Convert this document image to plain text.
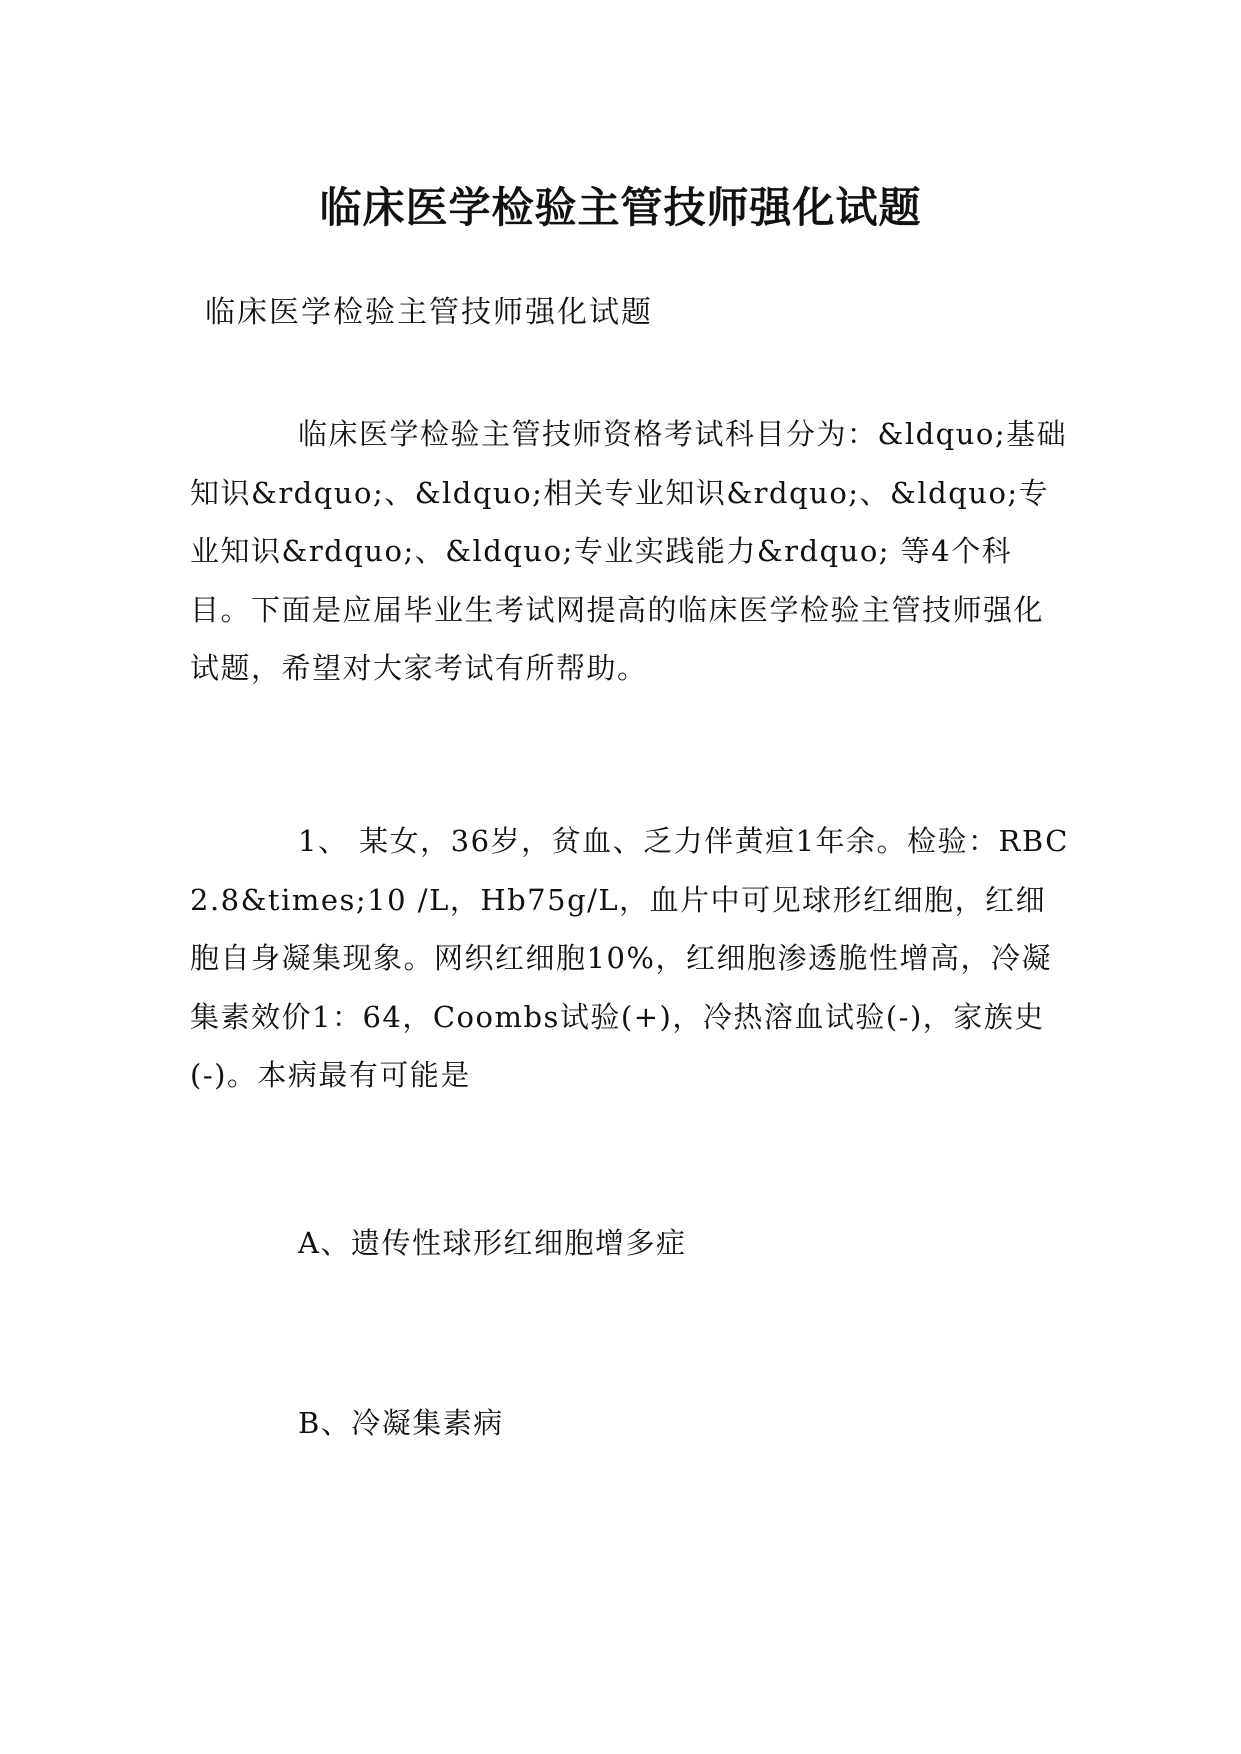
临床医学检验主管技师强化试题
临床医学检验主管技师强化试题

临床医学检验主管技师资格考试科目分为：&ldquo;基础知识&rdquo;、&ldquo;相关专业知识&rdquo;、&ldquo;专业知识&rdquo;、&ldquo;专业实践能力&rdquo; 等4个科目。下面是应届毕业生考试网提高的临床医学检验主管技师强化试题，希望对大家考试有所帮助。

1、 某女，36岁，贫血、乏力伴黄疸1年余。检验：RBC2.8&times;10 /L，Hb75g/L，血片中可见球形红细胞，红细胞自身凝集现象。网织红细胞10%，红细胞渗透脆性增高，冷凝集素效价1：64，Coombs试验(+)，冷热溶血试验(-)，家族史(-)。本病最有可能是

A、遗传性球形红细胞增多症
B、冷凝集素病
